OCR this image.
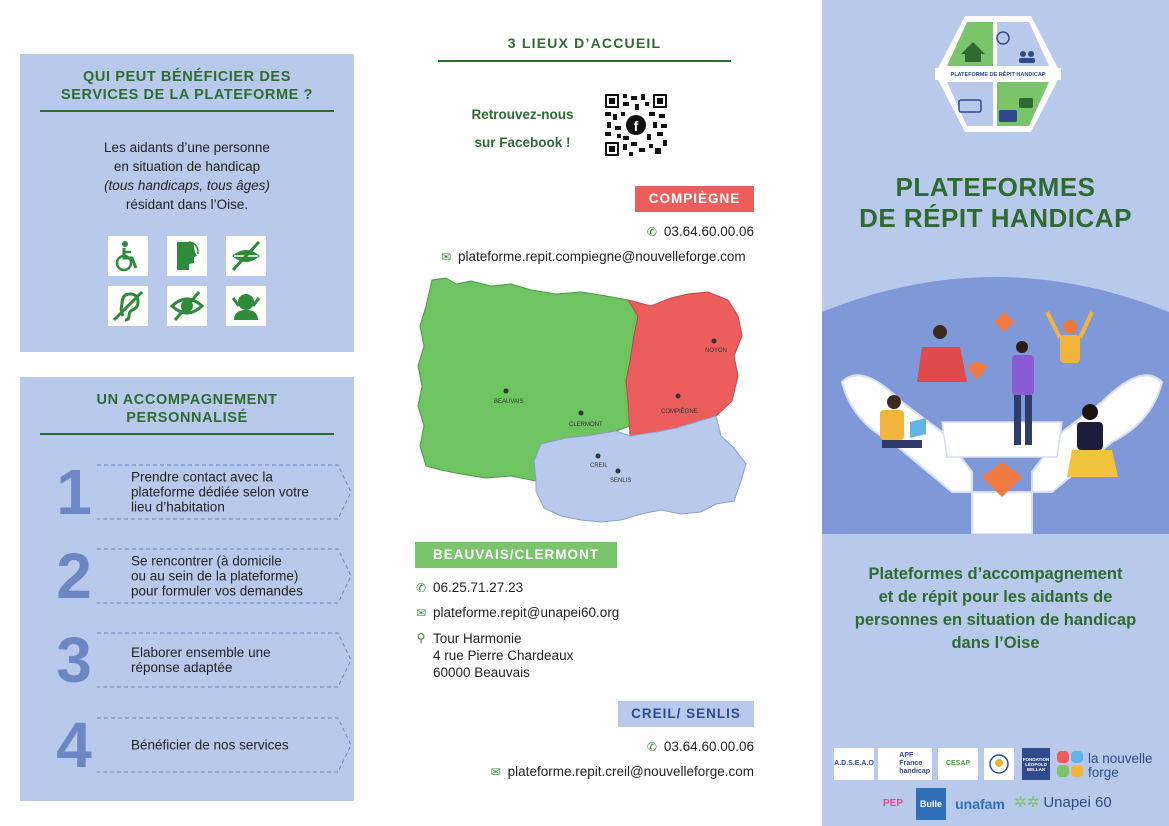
QUI PEUT BÉNÉFICIER DES
SERVICES DE LA PLATEFORME ?
Les aidants d’une personne
en situation de handicap
(tous handicaps, tous âges)
résidant dans l’Oise.
UN ACCOMPAGNEMENT
PERSONNALISÉ
1	Prendre contact avec la
plateforme dédiée selon votre
lieu d’habitation
2	Se rencontrer (à domicile
ou au sein de la plateforme)
pour formuler vos demandes
3	Elaborer ensemble une
réponse adaptée
4	Bénéficier de nos services
3 LIEUX D’ACCUEIL
Retrouvez-nous
sur Facebook !
f
COMPIÈGNE
✆ 03.64.60.00.06
✉ plateforme.repit.compiegne@nouvelleforge.com
BEAUVAIS
CLERMONT
COMPIÈGNE
NOYON
CREIL
SENLIS
BEAUVAIS/CLERMONT
✆ 06.25.71.27.23
✉ plateforme.repit@unapei60.org
⚲ Tour Harmonie
4 rue Pierre Chardeaux
60000 Beauvais
CREIL/ SENLIS
✆ 03.64.60.00.06
✉ plateforme.repit.creil@nouvelleforge.com
PLATEFORME DE RÉPIT HANDICAP
PLATEFORMES
DE RÉPIT HANDICAP
Plateformes d’accompagnement
et de répit pour les aidants de
personnes en situation de handicap
dans l’Oise
A.D.S.E.A.O
APF
France
handicap
CESAP
FONDATION
LÉOPOLD
BELLAN
la nouvelle
forge
PEP Bulle unafam ✲✲ Unapei 60
